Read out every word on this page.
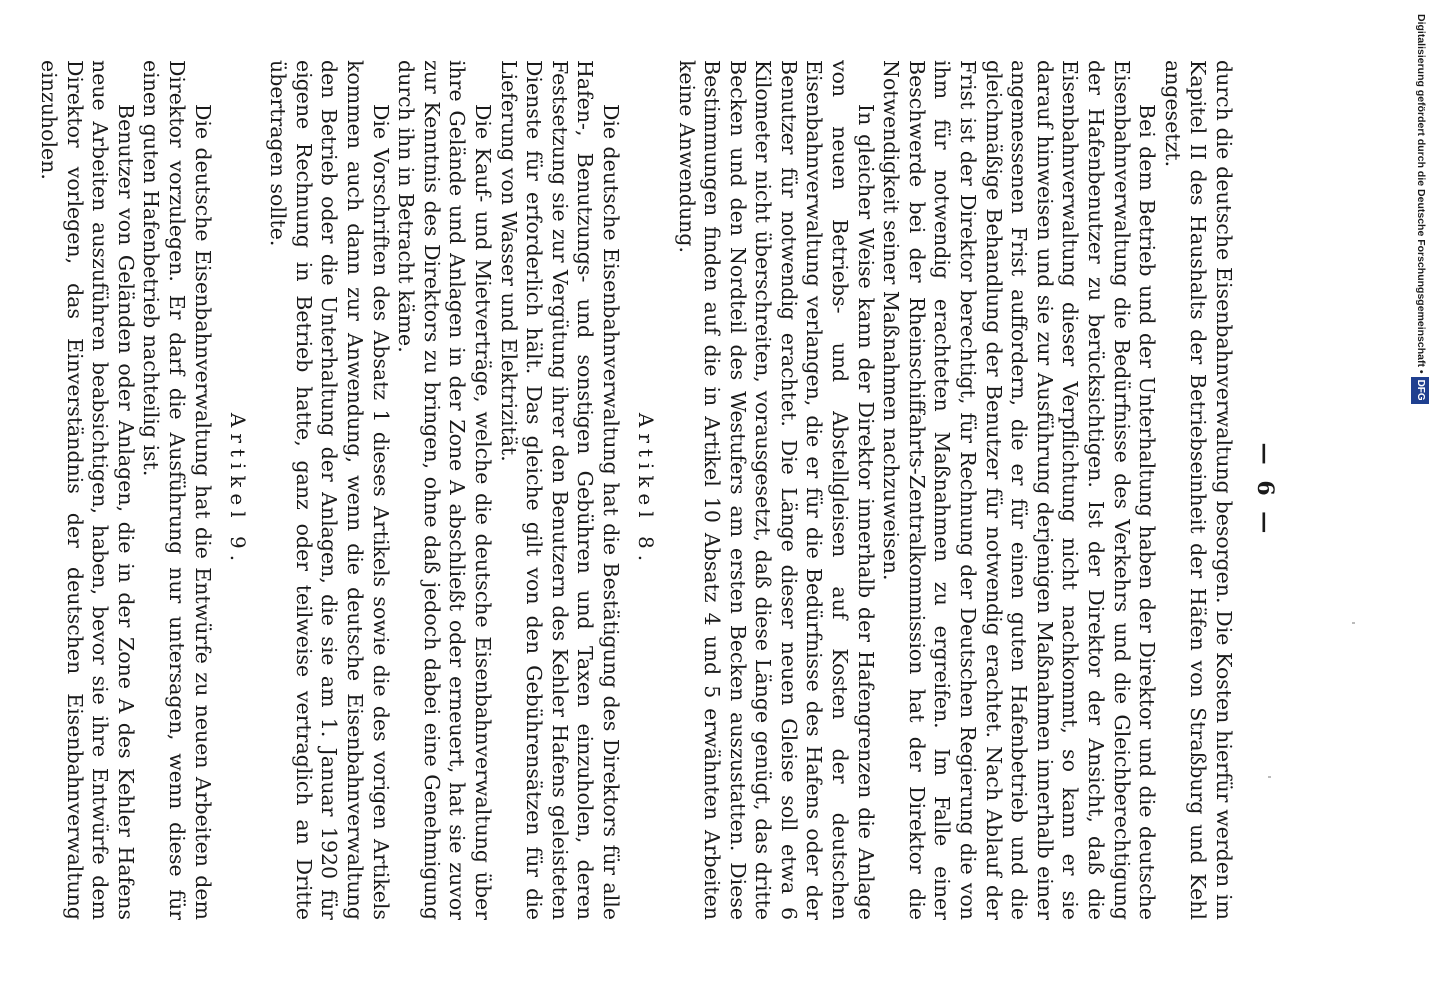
— 6 —

durch die deutsche Eisenbahnverwaltung besorgen. Die Kosten hierfür werden im Kapitel II des Haushalts der Betriebseinheit der Häfen von Straßburg und Kehl angesetzt.

Bei dem Betrieb und der Unterhaltung haben der Direktor und die deutsche Eisenbahnverwaltung die Bedürfnisse des Verkehrs und die Gleichberechtigung der Hafenbenutzer zu berücksichtigen. Ist der Direktor der Ansicht, daß die Eisenbahnverwaltung dieser Verpflichtung nicht nachkommt, so kann er sie darauf hinweisen und sie zur Ausführung derjenigen Maßnahmen innerhalb einer angemessenen Frist auffordern, die er für einen guten Hafenbetrieb und die gleichmäßige Behandlung der Benutzer für notwendig erachtet. Nach Ablauf der Frist ist der Direktor berechtigt, für Rechnung der Deutschen Regierung die von ihm für notwendig erachteten Maßnahmen zu ergreifen. Im Falle einer Beschwerde bei der Rheinschiffahrts-Zentralkommission hat der Direktor die Notwendigkeit seiner Maßnahmen nachzuweisen.

In gleicher Weise kann der Direktor innerhalb der Hafengrenzen die Anlage von neuen Betriebs- und Abstellgleisen auf Kosten der deutschen Eisenbahnverwaltung verlangen, die er für die Bedürfnisse des Hafens oder der Benutzer für notwendig erachtet. Die Länge dieser neuen Gleise soll etwa 6 Kilometer nicht überschreiten, vorausgesetzt, daß diese Länge genügt, das dritte Becken und den Nordteil des Westufers am ersten Becken auszustatten. Diese Bestimmungen finden auf die in Artikel 10 Absatz 4 und 5 erwähnten Arbeiten keine Anwendung.

Artikel 8.

Die deutsche Eisenbahnverwaltung hat die Bestätigung des Direktors für alle Hafen-, Benutzungs- und sonstigen Gebühren und Taxen einzuholen, deren Festsetzung sie zur Vergütung ihrer den Benutzern des Kehler Hafens geleisteten Dienste für erforderlich hält. Das gleiche gilt von den Gebührensätzen für die Lieferung von Wasser und Elektrizität.

Die Kauf- und Mietverträge, welche die deutsche Eisenbahnverwaltung über ihre Gelände und Anlagen in der Zone A abschließt oder erneuert, hat sie zuvor zur Kenntnis des Direktors zu bringen, ohne daß jedoch dabei eine Genehmigung durch ihn in Betracht käme.

Die Vorschriften des Absatz 1 dieses Artikels sowie die des vorigen Artikels kommen auch dann zur Anwendung, wenn die deutsche Eisenbahnverwaltung den Betrieb oder die Unterhaltung der Anlagen, die sie am 1. Januar 1920 für eigene Rechnung in Betrieb hatte, ganz oder teilweise vertraglich an Dritte übertragen sollte.

Artikel 9.

Die deutsche Eisenbahnverwaltung hat die Entwürfe zu neuen Arbeiten dem Direktor vorzulegen. Er darf die Ausführung nur untersagen, wenn diese für einen guten Hafenbetrieb nachteilig ist.

Benutzer von Geländen oder Anlagen, die in der Zone A des Kehler Hafens neue Arbeiten auszuführen beabsichtigen, haben, bevor sie ihre Entwürfe dem Direktor vorlegen, das Einverständnis der deutschen Eisenbahnverwaltung einzuholen.	Digitalisierung gefördert durch die Deutsche Forschungsgemeinschaft •DFG
